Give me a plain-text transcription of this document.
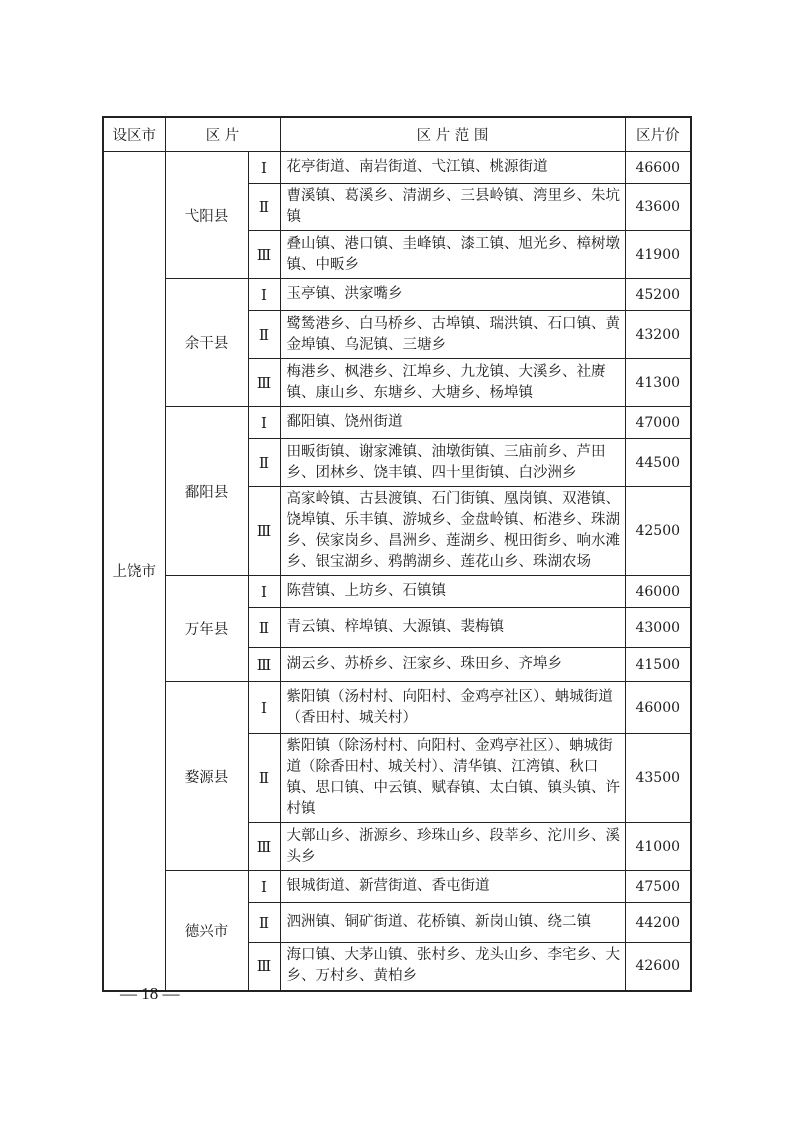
设区市	区 片		区 片 范 围	区片价
上饶市	弋阳县	Ⅰ	花亭街道、南岩街道、弋江镇、桃源街道	46600
		Ⅱ	曹溪镇、葛溪乡、清湖乡、三县岭镇、湾里乡、朱坑镇	43600
		Ⅲ	叠山镇、港口镇、圭峰镇、漆工镇、旭光乡、樟树墩镇、中畈乡	41900
	余干县	Ⅰ	玉亭镇、洪家嘴乡	45200
		Ⅱ	鹭鸶港乡、白马桥乡、古埠镇、瑞洪镇、石口镇、黄金埠镇、乌泥镇、三塘乡	43200
		Ⅲ	梅港乡、枫港乡、江埠乡、九龙镇、大溪乡、社赓镇、康山乡、东塘乡、大塘乡、杨埠镇	41300
	鄱阳县	Ⅰ	鄱阳镇、饶州街道	47000
		Ⅱ	田畈街镇、谢家滩镇、油墩街镇、三庙前乡、芦田乡、团林乡、饶丰镇、四十里街镇、白沙洲乡	44500
		Ⅲ	高家岭镇、古县渡镇、石门街镇、凰岗镇、双港镇、饶埠镇、乐丰镇、游城乡、金盘岭镇、柘港乡、珠湖乡、侯家岗乡、昌洲乡、莲湖乡、枧田街乡、响水滩乡、银宝湖乡、鸦鹊湖乡、莲花山乡、珠湖农场	42500
	万年县	Ⅰ	陈营镇、上坊乡、石镇镇	46000
		Ⅱ	青云镇、梓埠镇、大源镇、裴梅镇	43000
		Ⅲ	湖云乡、苏桥乡、汪家乡、珠田乡、齐埠乡	41500
	婺源县	Ⅰ	紫阳镇（汤村村、向阳村、金鸡亭社区）、蚺城街道（香田村、城关村）	46000
		Ⅱ	紫阳镇（除汤村村、向阳村、金鸡亭社区）、蚺城街道（除香田村、城关村）、清华镇、江湾镇、秋口镇、思口镇、中云镇、赋春镇、太白镇、镇头镇、许村镇	43500
		Ⅲ	大鄣山乡、浙源乡、珍珠山乡、段莘乡、沱川乡、溪头乡	41000
	德兴市	Ⅰ	银城街道、新营街道、香屯街道	47500
		Ⅱ	泗洲镇、铜矿街道、花桥镇、新岗山镇、绕二镇	44200
		Ⅲ	海口镇、大茅山镇、张村乡、龙头山乡、李宅乡、大乡、万村乡、黄柏乡	42600
— 18 —
